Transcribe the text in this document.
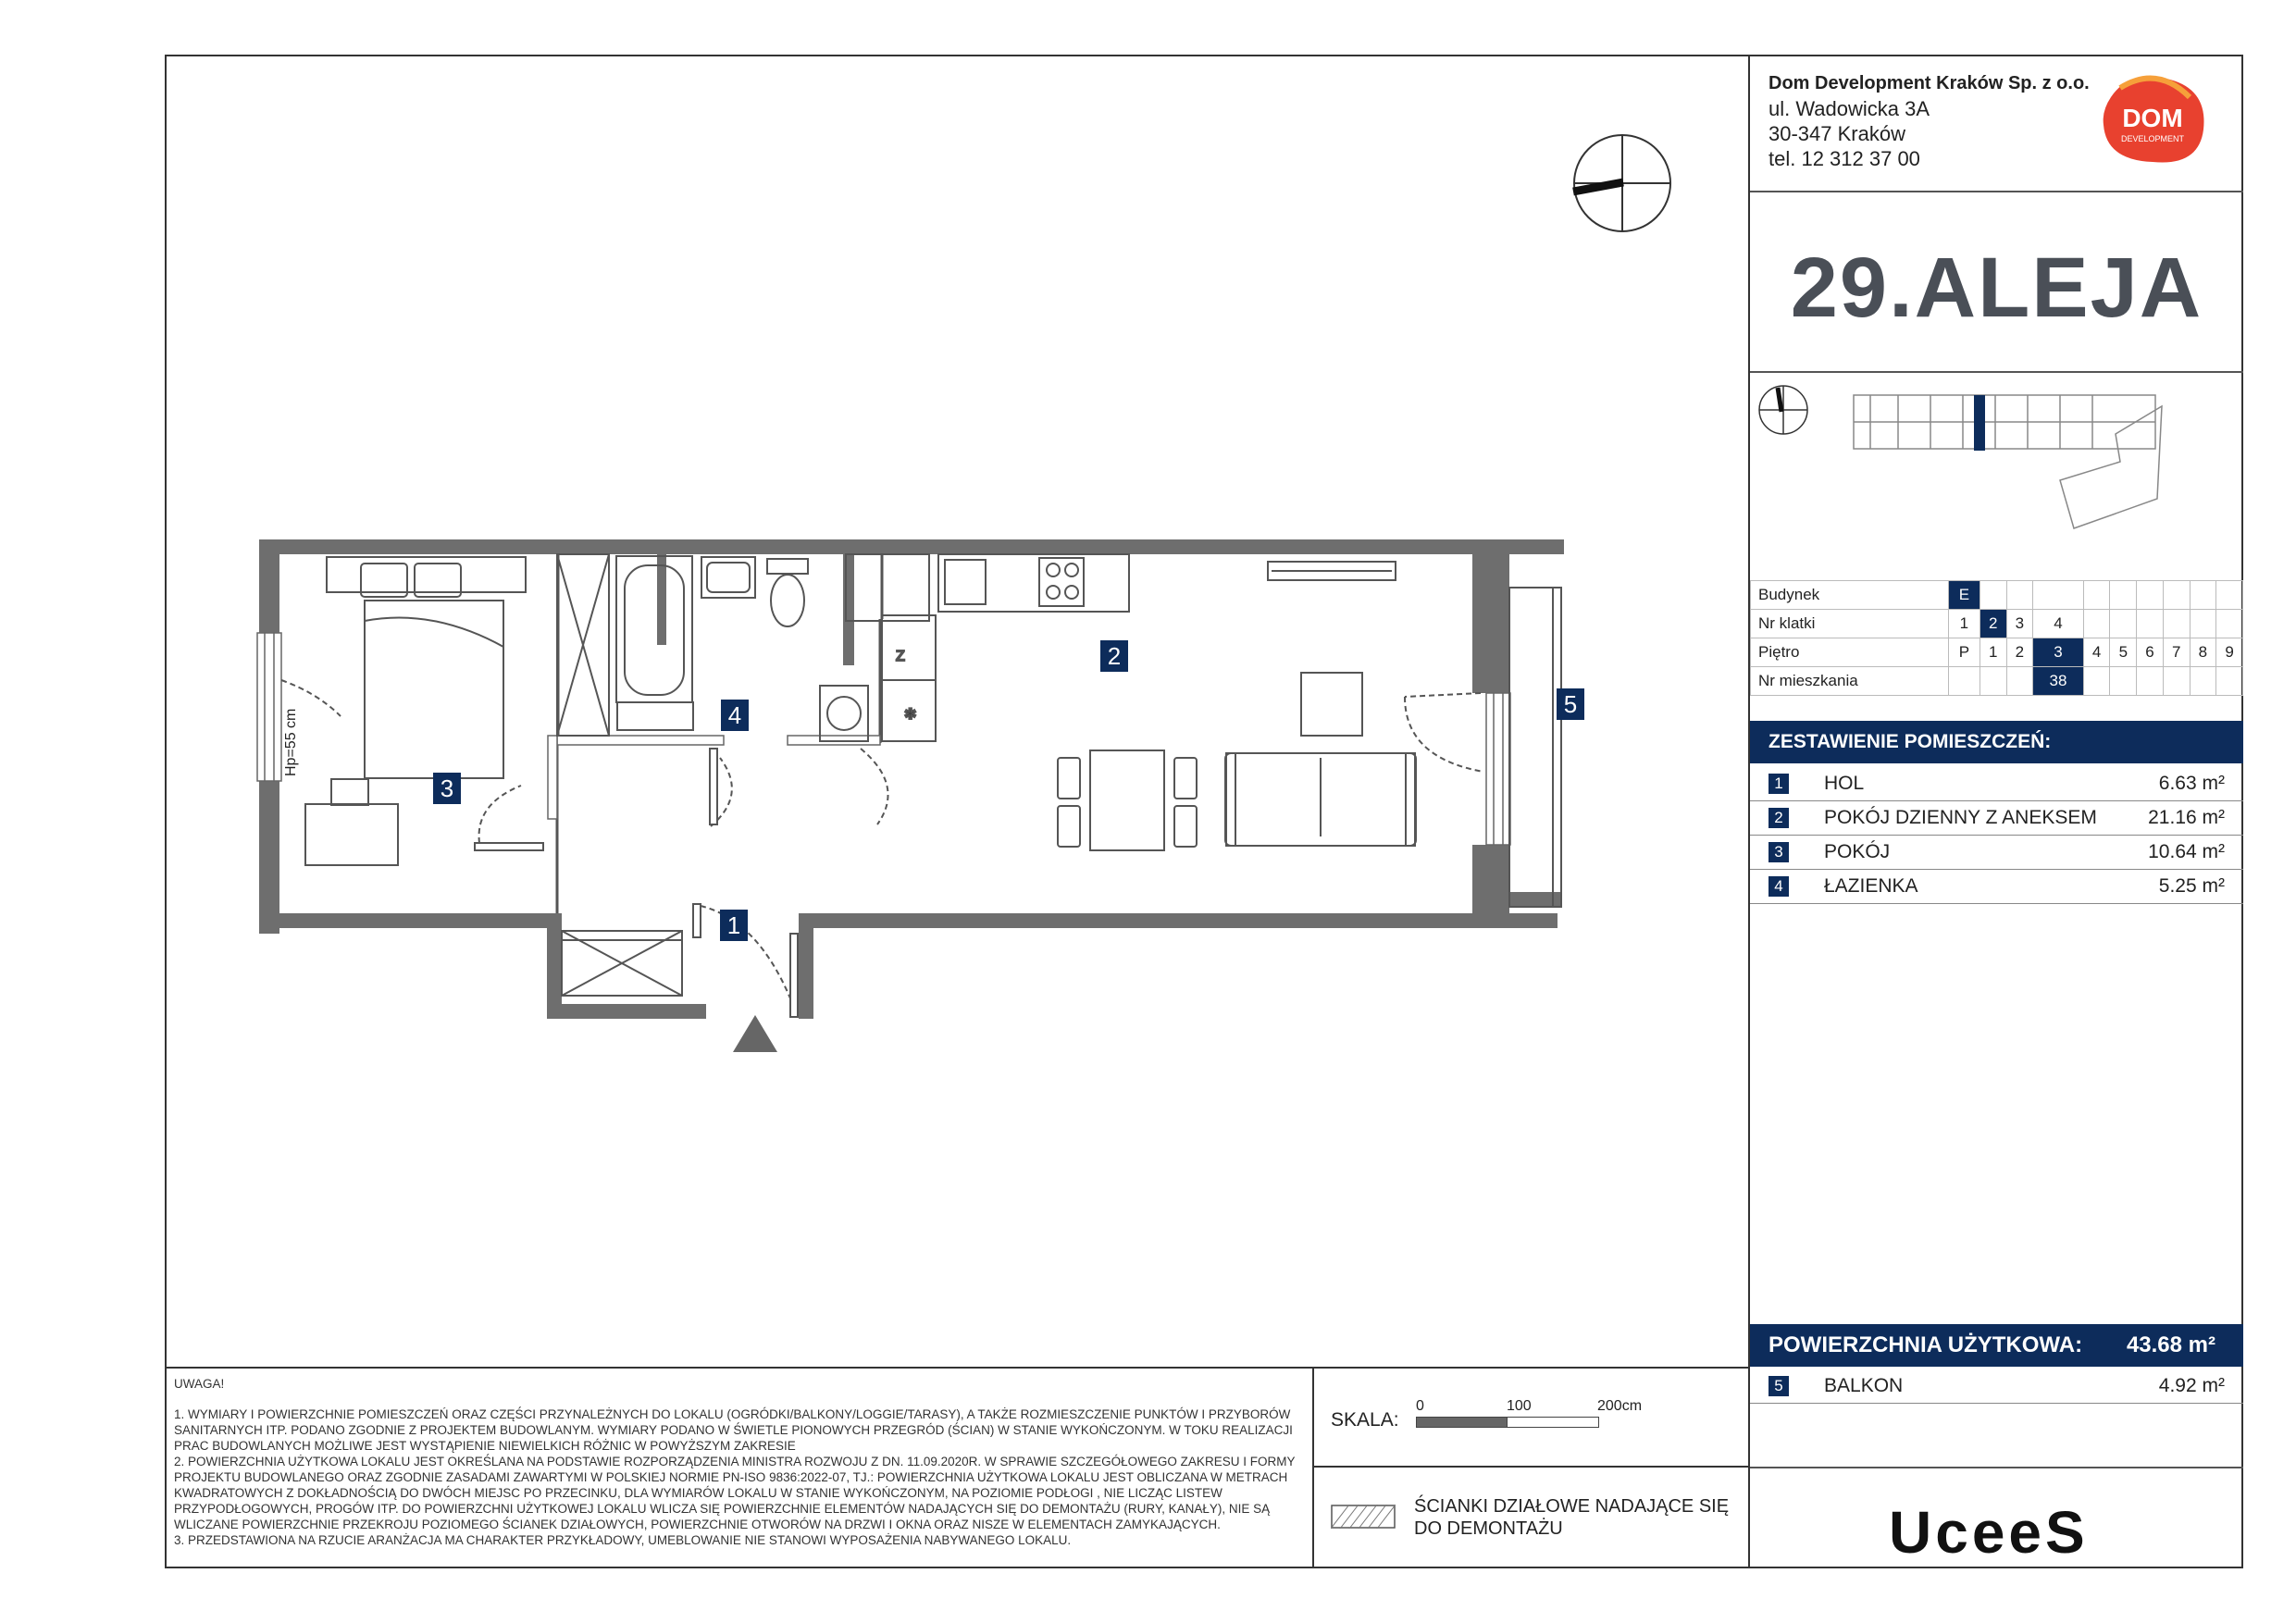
✱
Z
4
2
3
5
1
Hp=55 cm
Dom Development Kraków Sp. z o.o.
ul. Wadowicka 3A
30-347 Kraków
tel. 12 312 37 00
DOM
DEVELOPMENT
29.ALEJA
Budynek	E									
Nr klatki	1	2	3	4						
Piętro	P	1	2	3	4	5	6	7	8	9
Nr mieszkania				38						
ZESTAWIENIE POMIESZCZEŃ:
1 HOL	6.63 m²
2 POKÓJ DZIENNY Z ANEKSEM	21.16 m²
3 POKÓJ	10.64 m²
4 ŁAZIENKA	5.25 m²
POWIERZCHNIA UŻYTKOWA: 43.68 m²
5 BALKON	4.92 m²
UceeS

UWAGA!

1. WYMIARY I POWIERZCHNIE POMIESZCZEŃ ORAZ CZĘŚCI PRZYNALEŻNYCH DO LOKALU (OGRÓDKI/BALKONY/LOGGIE/TARASY), A TAKŻE ROZMIESZCZENIE PUNKTÓW I PRZYBORÓW SANITARNYCH ITP. PODANO ZGODNIE Z PROJEKTEM BUDOWLANYM. WYMIARY PODANO W ŚWIETLE PIONOWYCH PRZEGRÓD (ŚCIAN) W STANIE WYKOŃCZONYM. W TOKU REALIZACJI PRAC BUDOWLANYCH MOŻLIWE JEST WYSTĄPIENIE NIEWIELKICH RÓŻNIC W POWYŻSZYM ZAKRESIE

2. POWIERZCHNIA UŻYTKOWA LOKALU JEST OKREŚLANA NA PODSTAWIE ROZPORZĄDZENIA MINISTRA ROZWOJU Z DN. 11.09.2020R. W SPRAWIE SZCZEGÓŁOWEGO ZAKRESU I FORMY PROJEKTU BUDOWLANEGO ORAZ ZGODNIE ZASADAMI ZAWARTYMI W POLSKIEJ NORMIE PN-ISO 9836:2022-07, TJ.: POWIERZCHNIA UŻYTKOWA LOKALU JEST OBLICZANA W METRACH KWADRATOWYCH Z DOKŁADNOŚCIĄ DO DWÓCH MIEJSC PO PRZECINKU, DLA WYMIARÓW LOKALU W STANIE WYKOŃCZONYM, NA POZIOMIE PODŁOGI , NIE LICZĄC LISTEW PRZYPODŁOGOWYCH, PROGÓW ITP. DO POWIERZCHNI UŻYTKOWEJ LOKALU WLICZA SIĘ POWIERZCHNIE ELEMENTÓW NADAJĄCYCH SIĘ DO DEMONTAŻU (RURY, KANAŁY), NIE SĄ WLICZANE POWIERZCHNIE PRZEKROJU POZIOMEGO ŚCIANEK DZIAŁOWYCH, POWIERZCHNIE OTWORÓW NA DRZWI I OKNA ORAZ NISZE W ELEMENTACH ZAMYKAJĄCYCH.

3. PRZEDSTAWIONA NA RZUCIE ARANŻACJA MA CHARAKTER PRZYKŁADOWY, UMEBLOWANIE NIE STANOWI WYPOSAŻENIA NABYWANEGO LOKALU.

SKALA:
0	100	200cm
ŚCIANKI DZIAŁOWE NADAJĄCE SIĘ
DO DEMONTAŻU
